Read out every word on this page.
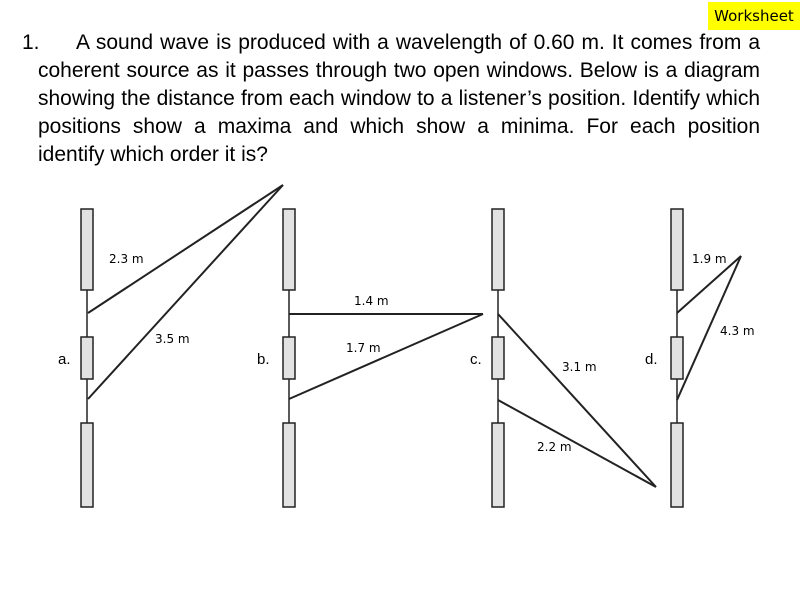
Worksheet
1.	A sound wave is produced with a wavelength of 0.60 m. It comes from a coherent source as it passes through two open windows. Below is a diagram showing the distance from each window to a listener’s position. Identify which positions show a maxima and which show a minima. For each position identify which order it is?
2.3 m
3.5 m
1.4 m
1.7 m
3.1 m
2.2 m
1.9 m
4.3 m
a.	b.	c.	d.
